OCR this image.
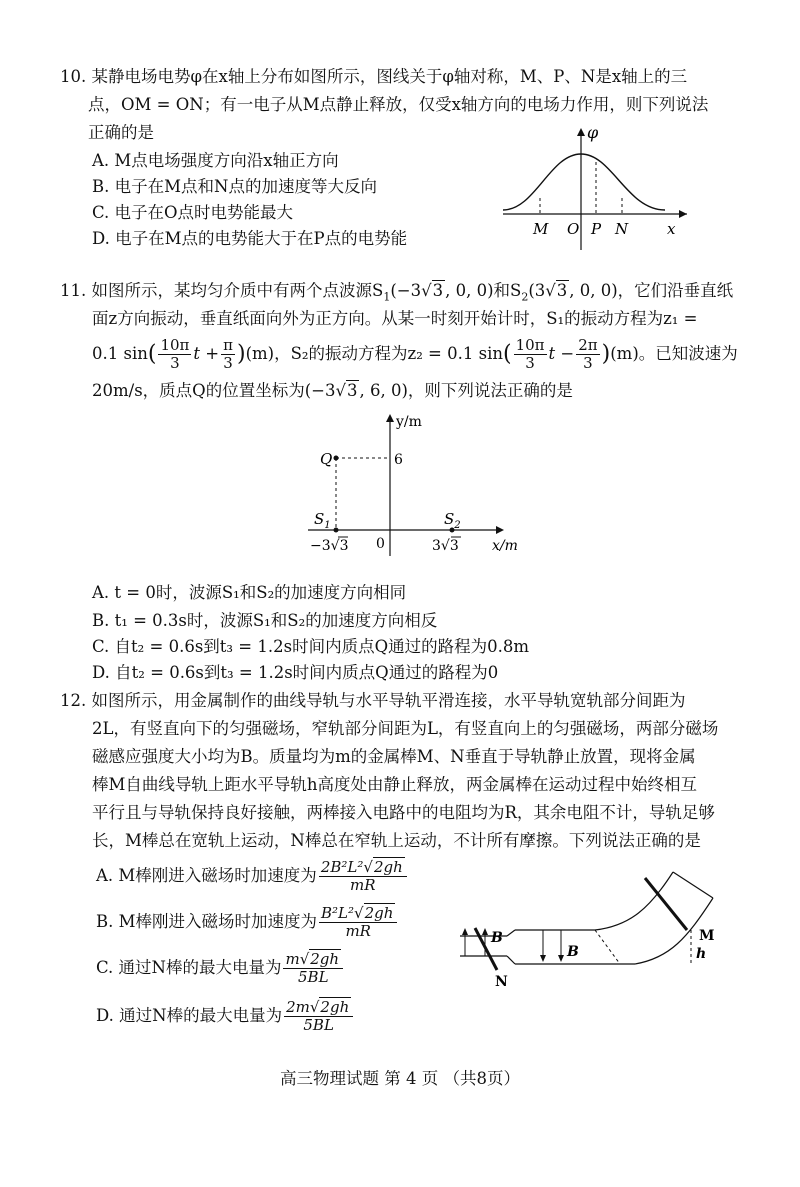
10. 某静电场电势φ在x轴上分布如图所示，图线关于φ轴对称，M、P、N是x轴上的三
点，OM = ON；有一电子从M点静止释放，仅受x轴方向的电场力作用，则下列说法
正确的是
A. M点电场强度方向沿x轴正方向
B. 电子在M点和N点的加速度等大反向
C. 电子在O点时电势能最大
D. 电子在M点的电势能大于在P点的电势能
φ
M O P N	x
11. 如图所示，某均匀介质中有两个点波源$S_1(-3√3$ , 0, 0)和$S_2(3√3$ , 0, 0)，它们沿垂直纸
面z方向振动，垂直纸面向外为正方向。从某一时刻开始计时，S₁的振动方程为z₁ =
0.1 $\sin( \frac{10\pi}{3}$ $t + \frac{\pi}{3} )(m)$，S₂的振动方程为z₂ = 0.1 $\sin( \frac{10\pi}{3}$ $t - \frac{2\pi}{3} )(m)$。已知波速为
20m/s，质点Q的位置坐标为(−3√3 , 6, 0)，则下列说法正确的是
y/m
Q	6
$S_1$	$S_2$
0
−3√3	3√3 x/m
A. t = 0时，波源S₁和S₂的加速度方向相同
B. t₁ = 0.3s时，波源S₁和S₂的加速度方向相反
C. 自t₂ = 0.6s到t₃ = 1.2s时间内质点Q通过的路程为0.8m
D. 自t₂ = 0.6s到t₃ = 1.2s时间内质点Q通过的路程为0
12. 如图所示，用金属制作的曲线导轨与水平导轨平滑连接，水平导轨宽轨部分间距为
2L，有竖直向下的匀强磁场，窄轨部分间距为L，有竖直向上的匀强磁场，两部分磁场
磁感应强度大小均为B。质量均为m的金属棒M、N垂直于导轨静止放置，现将金属
棒M自曲线导轨上距水平导轨h高度处由静止释放，两金属棒在运动过程中始终相互
平行且与导轨保持良好接触，两棒接入电路中的电阻均为R，其余电阻不计，导轨足够
长，M棒总在宽轨上运动，N棒总在窄轨上运动，不计所有摩擦。下列说法正确的是
A. M棒刚进入磁场时加速度为 $\frac{\text{2B²L²√2gh}}{mR}$
B. M棒刚进入磁场时加速度为 $\frac{\text{B²L²√2gh}}{mR}$
C. 通过N棒的最大电量为 $\frac{m√2gh}{5BL}$
D. 通过N棒的最大电量为 $\frac{2m√2gh}{5BL}$
B
B
M
N
h
高三物理试题 第 4 页 （共8页）
